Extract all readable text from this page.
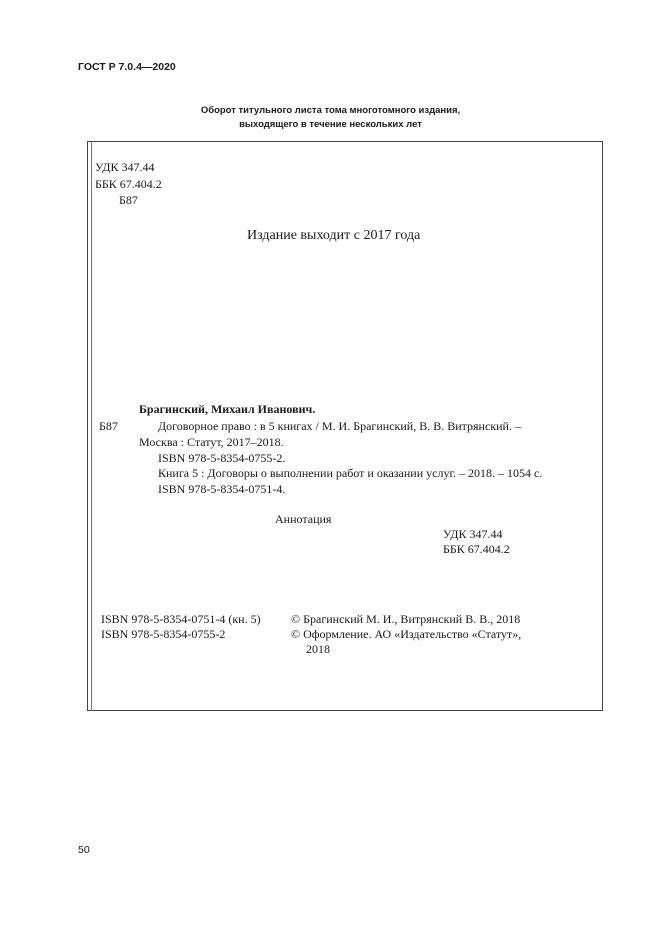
ГОСТ Р 7.0.4—2020
Оборот титульного листа тома многотомного издания,
выходящего в течение нескольких лет
УДК 347.44
ББК 67.404.2
Б87
Издание выходит с 2017 года
Б87
Брагинский, Михаил Иванович.
Договорное право : в 5 книгах / М. И. Брагинский, В. В. Витрянский. –
Москва : Статут, 2017–2018.
ISBN 978-5-8354-0755-2.
Книга 5 : Договоры о выполнении работ и оказании услуг. – 2018. – 1054 с.
ISBN 978-5-8354-0751-4.
Аннотация
УДК 347.44
ББК 67.404.2
ISBN 978-5-8354-0751-4 (кн. 5)
ISBN 978-5-8354-0755-2
© Брагинский М. И., Витрянский В. В., 2018
© Оформление. АО «Издательство «Статут»,
2018
50
